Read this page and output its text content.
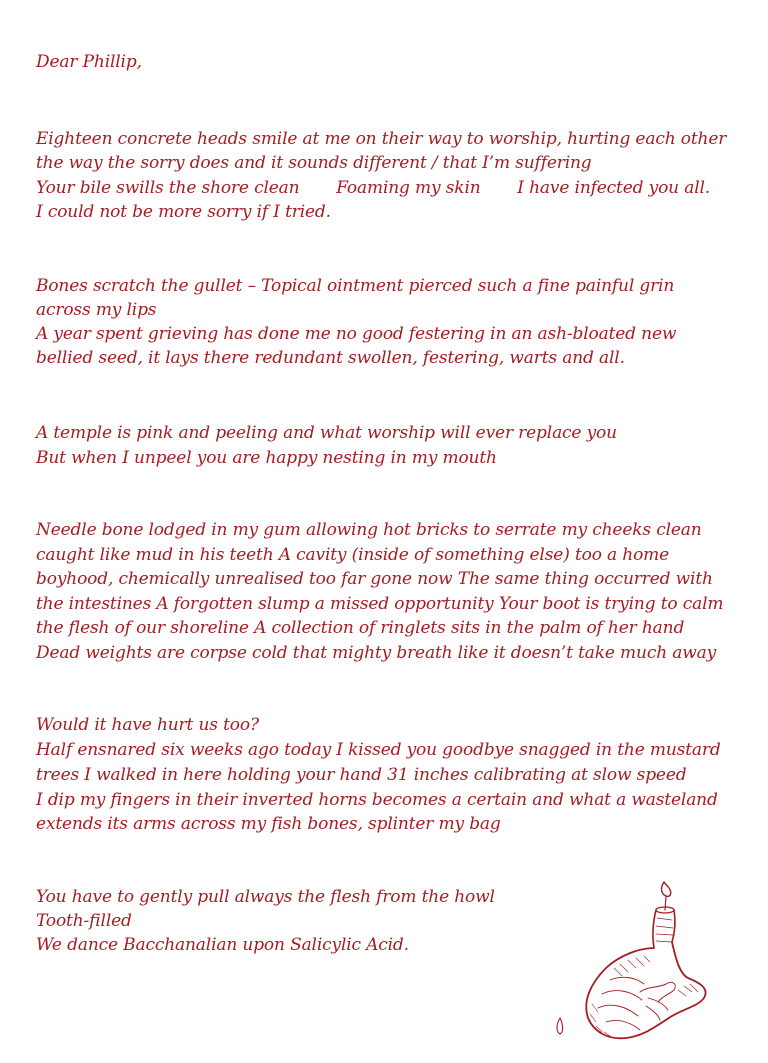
Dear Phillip,
Eighteen concrete heads smile at me on their way to worship, hurting each other
the way the sorry does and it sounds different / that I’m suffering
Your bile swills the shore clean       Foaming my skin       I have infected you all.
I could not be more sorry if I tried.
Bones scratch the gullet – Topical ointment pierced such a fine painful grin
across my lips
A year spent grieving has done me no good festering in an ash-bloated new
bellied seed, it lays there redundant swollen, festering, warts and all.
A temple is pink and peeling and what worship will ever replace you
But when I unpeel you are happy nesting in my mouth
Needle bone lodged in my gum allowing hot bricks to serrate my cheeks clean
caught like mud in his teeth A cavity (inside of something else) too a home
boyhood, chemically unrealised too far gone now The same thing occurred with
the intestines A forgotten slump a missed opportunity Your boot is trying to calm
the flesh of our shoreline A collection of ringlets sits in the palm of her hand
Dead weights are corpse cold that mighty breath like it doesn’t take much away
Would it have hurt us too?
Half ensnared six weeks ago today I kissed you goodbye snagged in the mustard
trees I walked in here holding your hand 31 inches calibrating at slow speed
I dip my fingers in their inverted horns becomes a certain and what a wasteland
extends its arms across my fish bones, splinter my bag
You have to gently pull always the flesh from the howl
Tooth-filled
We dance Bacchanalian upon Salicylic Acid.
